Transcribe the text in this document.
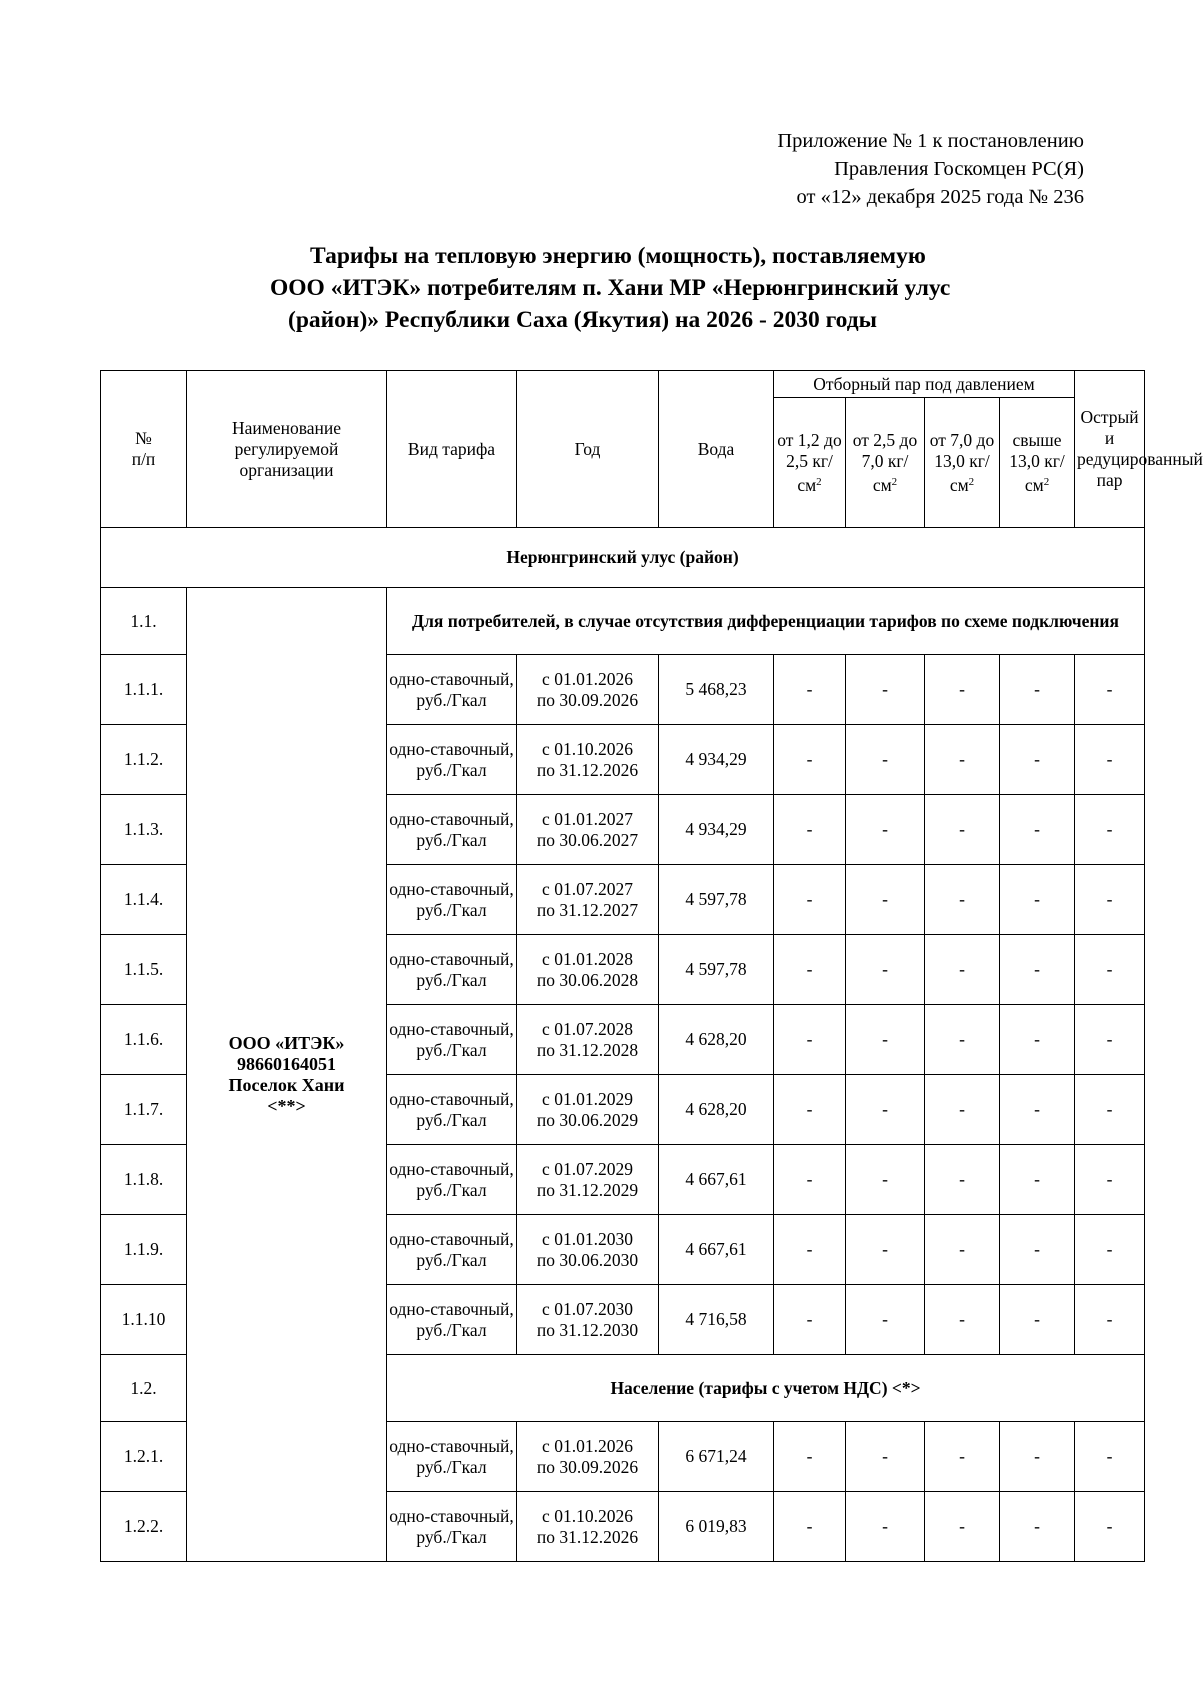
Приложение № 1 к постановлению
Правления Госкомцен РС(Я)
от «12» декабря 2025 года № 236
Тарифы на тепловую энергию (мощность), поставляемую
ООО «ИТЭК» потребителям п. Хани МР «Нерюнгринский улус
(район)» Республики Саха (Якутия) на 2026 - 2030 годы
№
п/п	Наименование регулируемой организации	Вид тарифа	Год	Вода	Отборный пар под давлением				Острый и редуцированный пар
					от 1,2 до 2,5 кг/ $см^2$	от 2,5 до 7,0 кг/ $см^2$	от 7,0 до 13,0 кг/ $см^2$	свыше 13,0 кг/ $см^2$
Нерюнгринский улус (район)									
1.1.	ООО «ИТЭК»
98660164051
Поселок Хани
<**>	Для потребителей, в случае отсутствия дифференциации тарифов по схеме подключения							
1.1.1.		одно-ставочный, руб./Гкал	с 01.01.2026
по 30.09.2026	5 468,23	-	-	-	-	-
1.1.2.		одно-ставочный, руб./Гкал	с 01.10.2026
по 31.12.2026	4 934,29	-	-	-	-	-
1.1.3.		одно-ставочный, руб./Гкал	с 01.01.2027
по 30.06.2027	4 934,29	-	-	-	-	-
1.1.4.		одно-ставочный, руб./Гкал	с 01.07.2027
по 31.12.2027	4 597,78	-	-	-	-	-
1.1.5.		одно-ставочный, руб./Гкал	с 01.01.2028
по 30.06.2028	4 597,78	-	-	-	-	-
1.1.6.		одно-ставочный, руб./Гкал	с 01.07.2028
по 31.12.2028	4 628,20	-	-	-	-	-
1.1.7.		одно-ставочный, руб./Гкал	с 01.01.2029
по 30.06.2029	4 628,20	-	-	-	-	-
1.1.8.		одно-ставочный, руб./Гкал	с 01.07.2029
по 31.12.2029	4 667,61	-	-	-	-	-
1.1.9.		одно-ставочный, руб./Гкал	с 01.01.2030
по 30.06.2030	4 667,61	-	-	-	-	-
1.1.10		одно-ставочный, руб./Гкал	с 01.07.2030
по 31.12.2030	4 716,58	-	-	-	-	-
1.2.		Население (тарифы с учетом НДС) <*>							
1.2.1.		одно-ставочный, руб./Гкал	с 01.01.2026
по 30.09.2026	6 671,24	-	-	-	-	-
1.2.2.		одно-ставочный, руб./Гкал	с 01.10.2026
по 31.12.2026	6 019,83	-	-	-	-	-
